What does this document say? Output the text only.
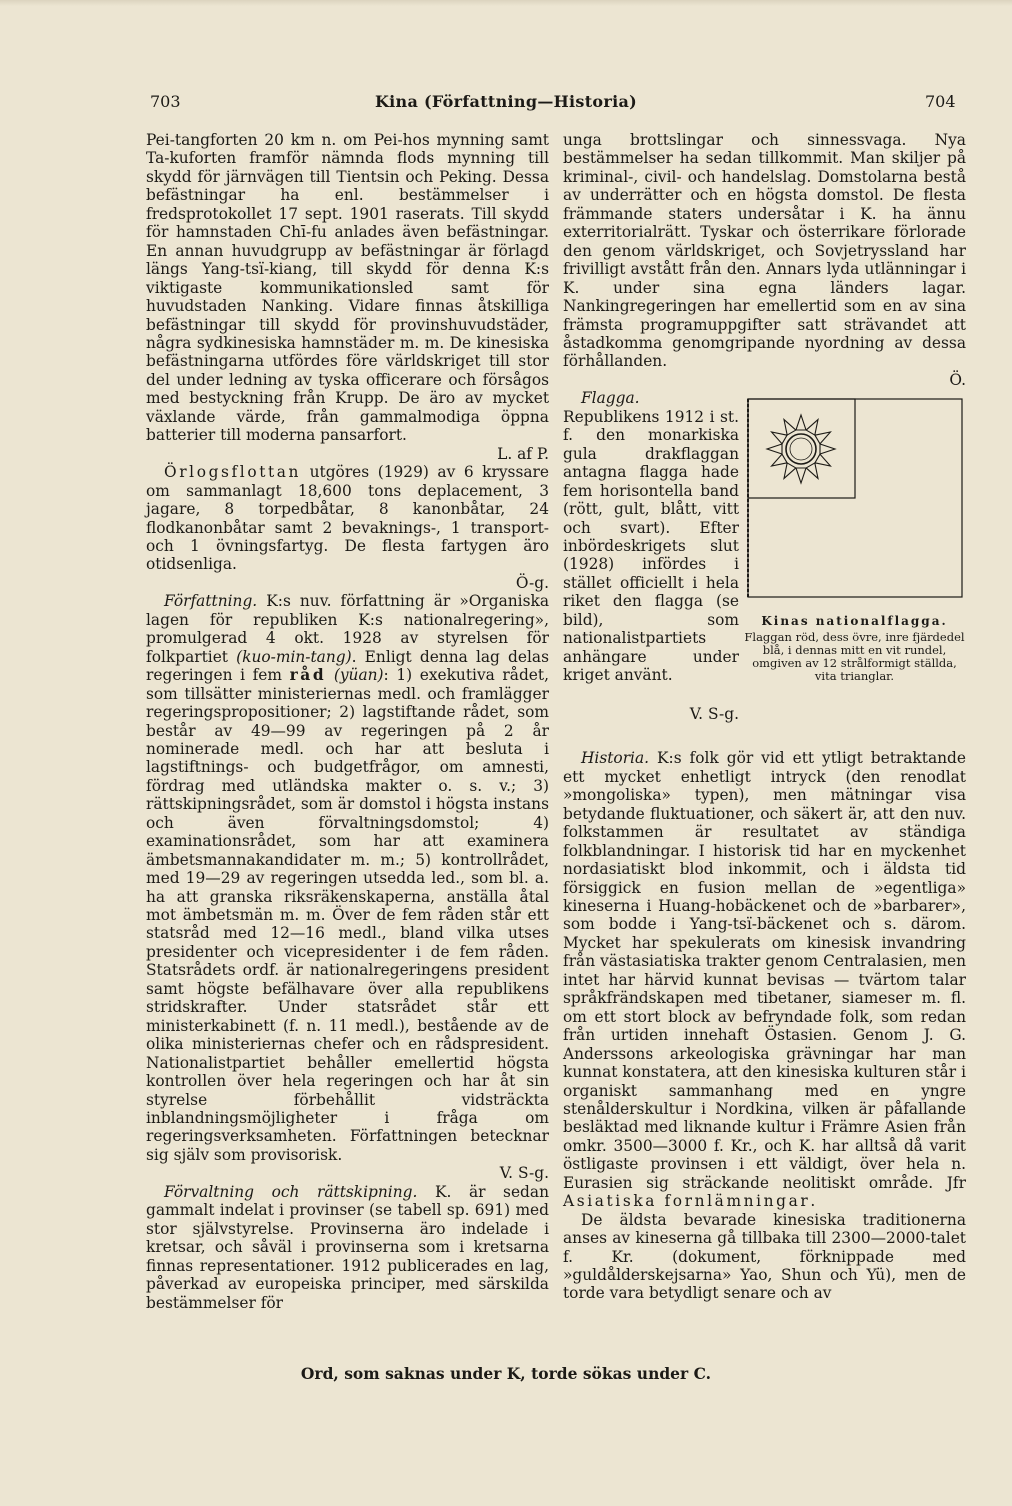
703	Kina (Författning—Historia)	704

Pei-tangforten 20 km n. om Pei-hos mynning samt Ta-kuforten framför nämnda flods mynning till skydd för järnvägen till Tientsin och Peking. Dessa befästningar ha enl. bestämmelser i fredsprotokollet 17 sept. 1901 raserats. Till skydd för hamnstaden Chī-fu anlades även befästningar. En annan huvudgrupp av befästningar är förlagd längs Yang-tsï-kiang, till skydd för denna K:s viktigaste kommunikationsled samt för huvudstaden Nanking. Vidare finnas åtskilliga befästningar till skydd för provinshuvudstäder, några sydkinesiska hamnstäder m. m. De kinesiska befästningarna utfördes före världskriget till stor del under ledning av tyska officerare och försågos med bestyckning från Krupp. De äro av mycket växlande värde, från gammalmodiga öppna batterier till moderna pansarfort.
L. af P.

Örlogsflottan utgöres (1929) av 6 kryssare om sammanlagt 18,600 tons deplacement, 3 jagare, 8 torpedbåtar, 8 kanonbåtar, 24 flodkanonbåtar samt 2 bevaknings-, 1 transport- och 1 övningsfartyg. De flesta fartygen äro otidsenliga.
Ö-g.

Författning. K:s nuv. författning är »Organiska lagen för republiken K:s nationalregering», promulgerad 4 okt. 1928 av styrelsen för folkpartiet (kuo-min-tang). Enligt denna lag delas regeringen i fem råd (yüan): 1) exekutiva rådet, som tillsätter ministeriernas medl. och framlägger regeringspropositioner; 2) lagstiftande rådet, som består av 49—99 av regeringen på 2 år nominerade medl. och har att besluta i lagstiftnings- och budgetfrågor, om amnesti, fördrag med utländska makter o. s. v.; 3) rättskipningsrådet, som är domstol i högsta instans och även förvaltningsdomstol; 4) examinationsrådet, som har att examinera ämbetsmannakandidater m. m.; 5) kontrollrådet, med 19—29 av regeringen utsedda led., som bl. a. ha att granska riksräkenskaperna, anställa åtal mot ämbetsmän m. m. Över de fem råden står ett statsråd med 12—16 medl., bland vilka utses presidenter och vicepresidenter i de fem råden. Statsrådets ordf. är nationalregeringens president samt högste befälhavare över alla republikens stridskrafter. Under statsrådet står ett ministerkabinett (f. n. 11 medl.), bestående av de olika ministeriernas chefer och en rådspresident. Nationalistpartiet behåller emellertid högsta kontrollen över hela regeringen och har åt sin styrelse förbehållit vidsträckta inblandningsmöjligheter i fråga om regeringsverksamheten. Författningen betecknar sig själv som provisorisk.
V. S-g.

Förvaltning och rättskipning. K. är sedan gammalt indelat i provinser (se tabell sp. 691) med stor självstyrelse. Provinserna äro indelade i kretsar, och såväl i provinserna som i kretsarna finnas representationer. 1912 publicerades en lag, påverkad av europeiska principer, med särskilda bestämmelser för

unga brottslingar och sinnessvaga. Nya bestämmelser ha sedan tillkommit. Man skiljer på kriminal-, civil- och handelslag. Domstolarna bestå av underrätter och en högsta domstol. De flesta främmande staters undersåtar i K. ha ännu exterritorialrätt. Tyskar och österrikare förlorade den genom världskriget, och Sovjetryssland har frivilligt avstått från den. Annars lyda utlänningar i K. under sina egna länders lagar. Nankingregeringen har emellertid som en av sina främsta programuppgifter satt strävandet att åstadkomma genomgripande nyordning av dessa förhållanden.
Ö.

Flagga. Republikens 1912 i st. f. den monarkiska gula drakflaggan antagna flagga hade fem horisontella band (rött, gult, blått, vitt och svart). Efter inbördeskrigets slut (1928) infördes i stället officiellt i hela riket den flagga (se bild), som nationalistpartiets anhängare under kriget använt.
Kinas nationalflagga.
Flaggan röd, dess övre, inre fjärdedel blå, i dennas mitt en vit rundel, omgiven av 12 strålformigt ställda, vita trianglar.
V. S-g.

Historia. K:s folk gör vid ett ytligt betraktande ett mycket enhetligt intryck (den renodlat »mongoliska» typen), men mätningar visa betydande fluktuationer, och säkert är, att den nuv. folkstammen är resultatet av ständiga folkblandningar. I historisk tid har en myckenhet nordasiatiskt blod inkommit, och i äldsta tid försiggick en fusion mellan de »egentliga» kineserna i Huang-hobäckenet och de »barbarer», som bodde i Yang-tsï-bäckenet och s. därom. Mycket har spekulerats om kinesisk invandring från västasiatiska trakter genom Centralasien, men intet har härvid kunnat bevisas — tvärtom talar språkfrändskapen med tibetaner, siameser m. fl. om ett stort block av befryndade folk, som redan från urtiden innehaft Östasien. Genom J. G. Anderssons arkeologiska grävningar har man kunnat konstatera, att den kinesiska kulturen står i organiskt sammanhang med en yngre stenålderskultur i Nordkina, vilken är påfallande besläktad med liknande kultur i Främre Asien från omkr. 3500—3000 f. Kr., och K. har alltså då varit östligaste provinsen i ett väldigt, över hela n. Eurasien sig sträckande neolitiskt område. Jfr Asiatiska fornlämningar.

De äldsta bevarade kinesiska traditionerna anses av kineserna gå tillbaka till 2300—2000-talet f. Kr. (dokument, förknippade med »guldålderskejsarna» Yao, Shun och Yü), men de torde vara betydligt senare och av

Ord, som saknas under K, torde sökas under C.
